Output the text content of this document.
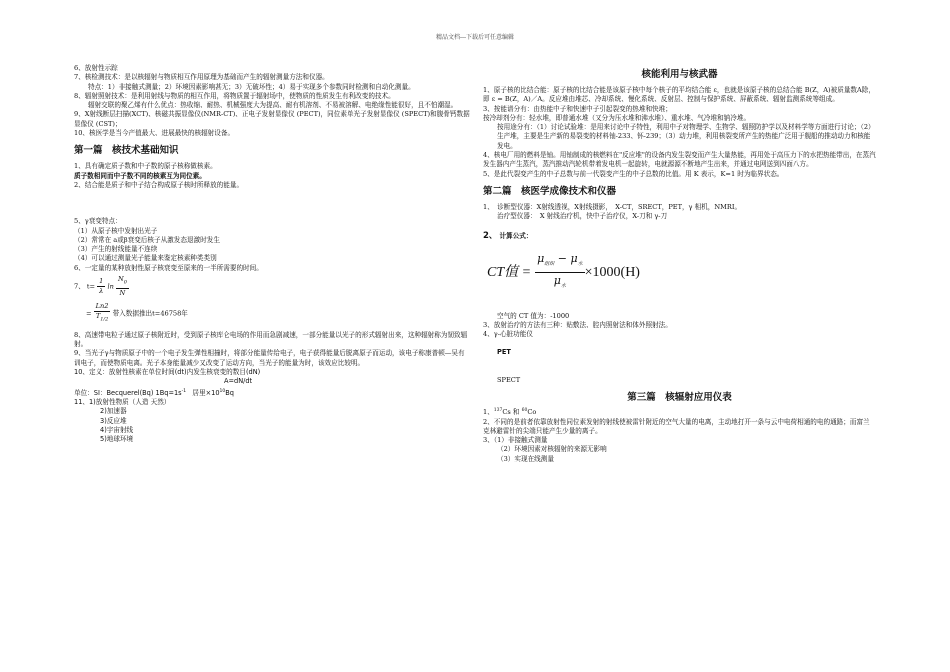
精品文档---下载后可任意编辑

6、放射性示踪

7、核检测技术：是以核辐射与物质相互作用原理为基础而产生的辐射测量方法和仪器。

特点：1）非接触式测量；2）环境因素影响甚无；3）无破坏性；4）易于实现多个参数同时检测和自动化测量。

8、辐射照射技术：是利用射线与物质的相互作用，将物质置于辐射场中，使物质的性质发生有利改变的技术。

辐射交联的聚乙烯有什么优点：热收缩、耐热、机械强度大为提高、耐有机溶剂、不易被溶解、电绝缘性能很好，且不怕潮湿。

9、X射线断层扫描(XCT)、核磁共振显像仪(NMR-CT)、正电子发射显像仪 (PECT)，同位素单光子发射显像仪 (SPECT)和腹骨钙数据显像仪 (CST)；

10、核医学是当今产值最大、进展最快的核辐射设备。

第一篇　核技术基础知识

1、具有确定质子数和中子数的原子核称做核素。

质子数相同而中子数不同的核素互为同位素。

2、结合能是质子和中子结合构成原子核时所释放的能量。

5、γ衰变特点：

（1）从原子核中发射出光子

（2）常常在 a或β衰变后核子从激发态退激时发生

（3）产生的射线能量不连续

（4）可以通过测量光子能量来鉴定核素种类类别

6、一定量的某种放射性原子核衰变至原来的一半所需要的时间。

7、 $t= \frac{1}{\lambda}$ $\ln \frac{N_0}{N}$

= $\frac{Ln2}{T_{1/2}}$ 带入数据推出t=46758年

8、高速带电粒子通过原子核附近时，受到原子核库仑电场的作用而急剧减速，一部分能量以光子的形式辐射出来，这种辐射称为韧致辐射。

9、当光子γ与物质原子中的一个电子发生弹性相撞时，将部分能量传给电子，电子获得能量后脱离原子而运动，该电子称康普顿—吴有训电子，而使物质电离。光子本身能量减少又改变了运动方向，当光子的能量为时，该效应比较明。

10、定义：放射性核素在单位时间(dt)内发生核衰变的数目(dN)

A=dN/dt

单位：SI：Becquerel(Bq) $1Bq=1s^{-1}$ 居里$\times 10^{10}Bq$

11、1)放射性物质（人造 天然）

2)加速器

3)反应堆

4)宇宙射线

5)地球环境

核能利用与核武器

1、原子核的比结合能：原子核的比结合能是该原子核中每个核子的平均结合能 ε，也就是该原子核的总结合能 B(Z，A)被质量数A除，即 ε = B(Z，A)／A。反应堆由堆芯、冷却系统、慢化系统、反射层、控制与保护系统、屏蔽系统、辐射监测系统等组成。

3、按能谱分有：由热能中子和快速中子引起裂变的热堆和快堆；

按冷却剂分有：轻水堆，即普通水堆（又分为压水堆和沸水堆）、重水堆、气冷堆和钠冷堆。

按用途分有：（1）讨论试验堆：是用来讨论中子特性，利用中子对物理学、生物学、辐照防护学以及材料学等方面进行讨论；（2）生产堆，主要是生产新的易裂变的材料铀-233、钚-239；（3）动力堆，利用核裂变所产生的热能广泛用于舰船的推动动力和核能发电。

4、核电厂用的燃料是铀。用铀制成的核燃料在"反应堆"的设备内发生裂变而产生大量热能，再用处于高压力下的水把热能带出，在蒸汽发生器内产生蒸汽，蒸汽推动汽轮机带着发电机一起旋转，电就源源不断地产生出来，并通过电网送到四面八方。

5、是此代裂变产生的中子总数与前一代裂变产生的中子总数的比值。用 K 表示，K=1 时为临界状态。

第二篇　核医学成像技术和仪器

1、　诊断型仪器：X射线透视，X射线摄影，　X-CT，SRECT，PET，γ 相机，NMRI。

治疗型仪器：　X 射线治疗机，快中子治疗仪，X-刀和 γ-刀

2、 计算公式：

CT值 = $\frac{\mu_{组织} - \mu_水}{\mu_水} \times 1000(H)$

空气的 CT 值为：-1000

3、放射治疗的方法有三种：贴敷法、腔内照射法和体外照射法。

4、γ-心脏功能仪

PET

SPECT

第三篇　核辐射应用仪表

1、$^{137}$Cs 和 $^{60}$Co

2、不同的是前者依靠放射性同位素发射的射线使被雷针附近的空气大量的电离，主动地打开一条与云中电荷相通的电的通路；而富兰克林避雷针的尖端只能产生少量的离子。

3、（1）非接触式测量

（2）环境因素对核辐射的来源无影响

（3）实现在线测量
